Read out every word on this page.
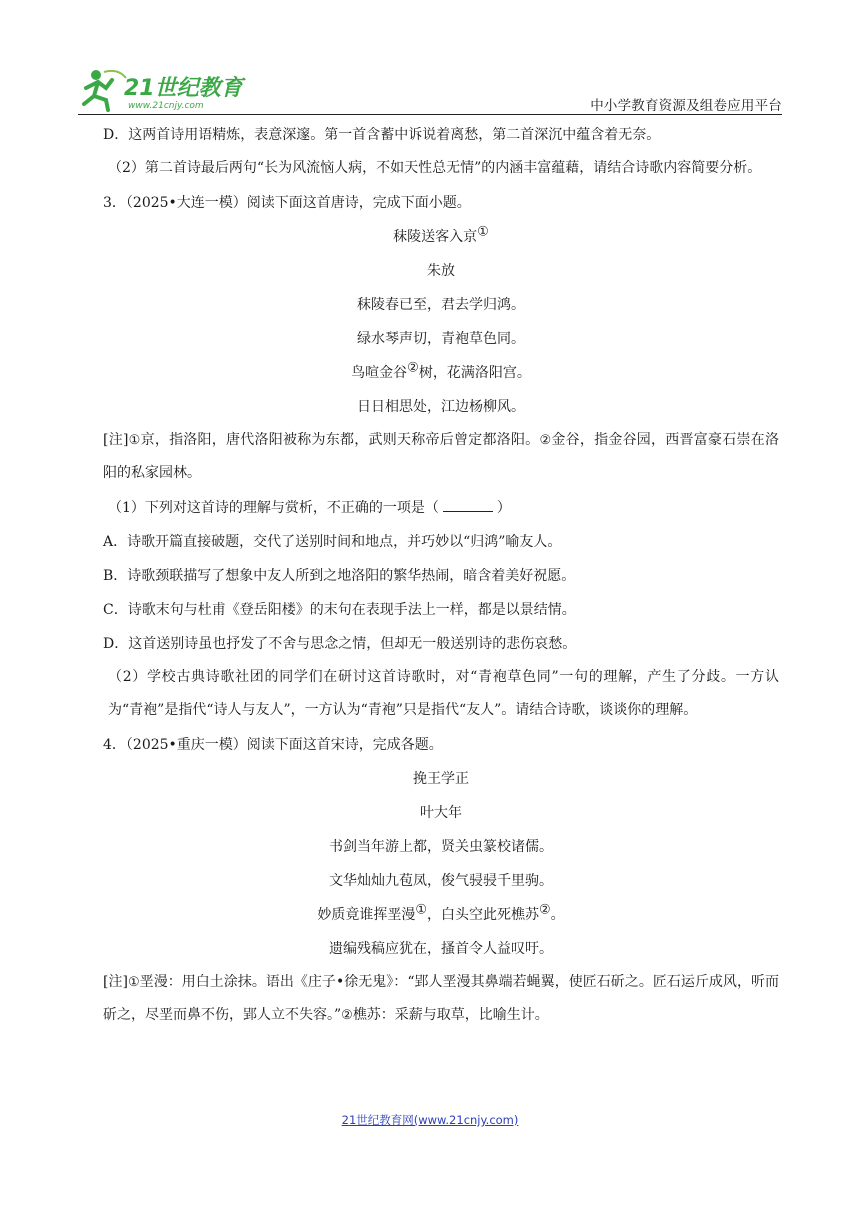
21世纪教育
www.21cnjy.com	中小学教育资源及组卷应用平台
D．这两首诗用语精炼，表意深邃。第一首含蓄中诉说着离愁，第二首深沉中蕴含着无奈。
（2）第二首诗最后两句“长为风流恼人病，不如天性总无情”的内涵丰富蕴藉，请结合诗歌内容简要分析。
3．（2025•大连一模）阅读下面这首唐诗，完成下面小题。
秣陵送客入京①
朱放
秣陵春已至，君去学归鸿。
绿水琴声切，青袍草色同。
鸟喧金谷②树，花满洛阳宫。
日日相思处，江边杨柳风。
[注]①京，指洛阳，唐代洛阳被称为东都，武则天称帝后曾定都洛阳。②金谷，指金谷园，西晋富豪石崇在洛阳的私家园林。
（1）下列对这首诗的理解与赏析，不正确的一项是（	）
A．诗歌开篇直接破题，交代了送别时间和地点，并巧妙以“归鸿”喻友人。
B．诗歌颈联描写了想象中友人所到之地洛阳的繁华热闹，暗含着美好祝愿。
C．诗歌末句与杜甫《登岳阳楼》的末句在表现手法上一样，都是以景结情。
D．这首送别诗虽也抒发了不舍与思念之情，但却无一般送别诗的悲伤哀愁。
（2）学校古典诗歌社团的同学们在研讨这首诗歌时，对“青袍草色同”一句的理解，产生了分歧。一方认为“青袍”是指代“诗人与友人”，一方认为“青袍”只是指代“友人”。请结合诗歌，谈谈你的理解。
4．（2025•重庆一模）阅读下面这首宋诗，完成各题。
挽王学正
叶大年
书剑当年游上都，贤关虫篆校诸儒。
文华灿灿九苞凤，俊气骎骎千里驹。
妙质竟谁挥垩漫①，白头空此死樵苏②。
遗编残稿应犹在，搔首令人益叹吁。
[注]①垩漫：用白土涂抹。语出《庄子•徐无鬼》：“郢人垩漫其鼻端若蝇翼，使匠石斫之。匠石运斤成风，听而斫之，尽垩而鼻不伤，郢人立不失容。”②樵苏：采薪与取草，比喻生计。
21世纪教育网(www.21cnjy.com)
